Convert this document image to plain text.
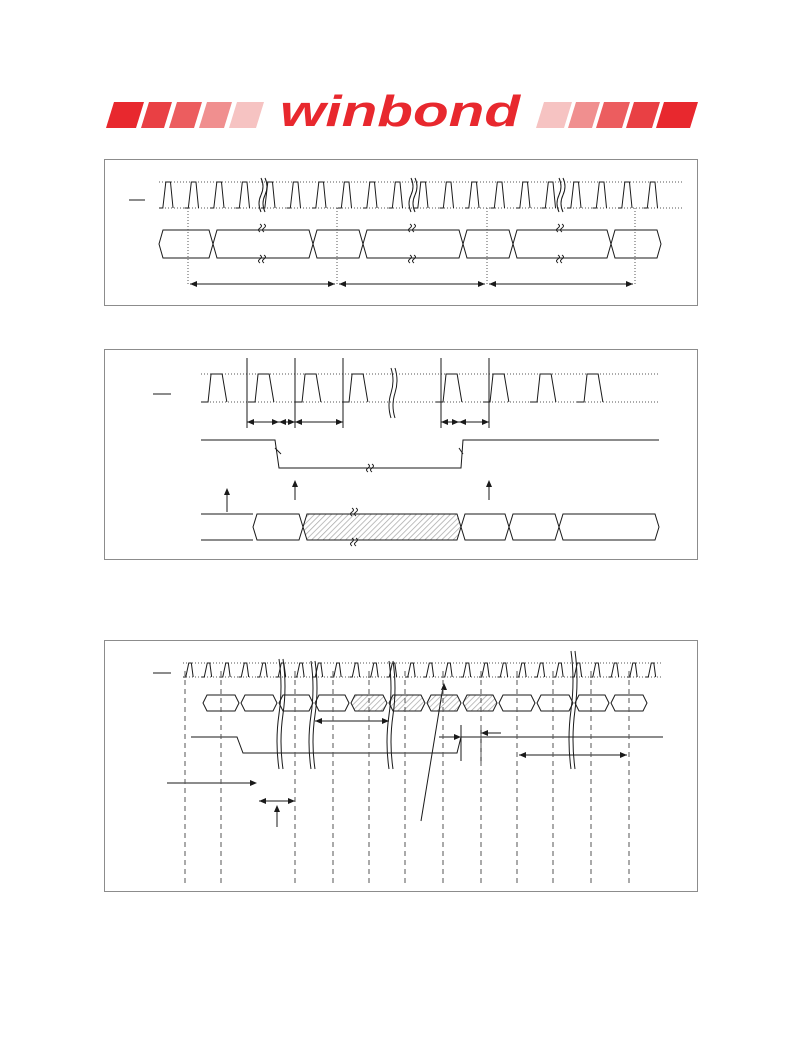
winbond
